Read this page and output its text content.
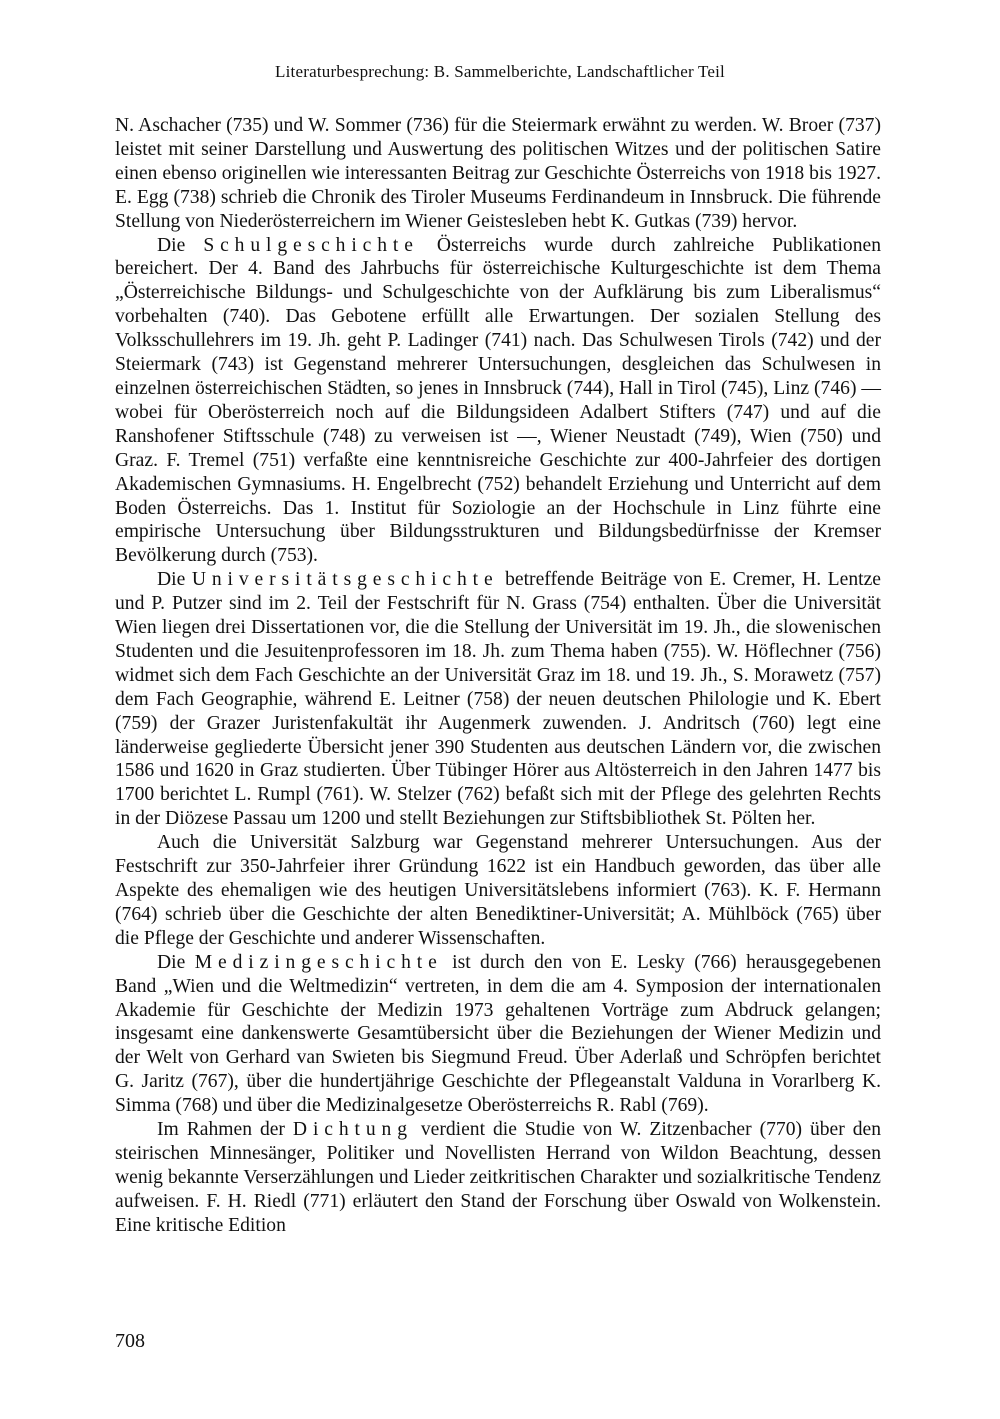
Literaturbesprechung: B. Sammelberichte, Landschaftlicher Teil

N. Aschacher (735) und W. Sommer (736) für die Steiermark erwähnt zu werden. W. Broer (737) leistet mit seiner Darstellung und Auswertung des politischen Witzes und der politischen Satire einen ebenso originellen wie interessanten Beitrag zur Geschichte Österreichs von 1918 bis 1927. E. Egg (738) schrieb die Chronik des Tiroler Museums Ferdinandeum in Innsbruck. Die führende Stellung von Niederösterreichern im Wiener Geistesleben hebt K. Gutkas (739) hervor.

Die Schulgeschichte Österreichs wurde durch zahlreiche Publikationen bereichert. Der 4. Band des Jahrbuchs für österreichische Kulturgeschichte ist dem Thema „Österreichische Bildungs- und Schulgeschichte von der Aufklärung bis zum Liberalismus“ vorbehalten (740). Das Gebotene erfüllt alle Erwartungen. Der sozialen Stellung des Volksschullehrers im 19. Jh. geht P. Ladinger (741) nach. Das Schulwesen Tirols (742) und der Steiermark (743) ist Gegenstand mehrerer Untersuchungen, desgleichen das Schulwesen in einzelnen österreichischen Städten, so jenes in Innsbruck (744), Hall in Tirol (745), Linz (746) — wobei für Oberösterreich noch auf die Bildungsideen Adalbert Stifters (747) und auf die Ranshofener Stiftsschule (748) zu verweisen ist —, Wiener Neustadt (749), Wien (750) und Graz. F. Tremel (751) verfaßte eine kenntnisreiche Geschichte zur 400-Jahrfeier des dortigen Akademischen Gymnasiums. H. Engelbrecht (752) behandelt Erziehung und Unterricht auf dem Boden Österreichs. Das 1. Institut für Soziologie an der Hochschule in Linz führte eine empirische Untersuchung über Bildungsstrukturen und Bildungsbedürfnisse der Kremser Bevölkerung durch (753).

Die Universitätsgeschichte betreffende Beiträge von E. Cremer, H. Lentze und P. Putzer sind im 2. Teil der Festschrift für N. Grass (754) enthalten. Über die Universität Wien liegen drei Dissertationen vor, die die Stellung der Universität im 19. Jh., die slowenischen Studenten und die Jesuitenprofessoren im 18. Jh. zum Thema haben (755). W. Höflechner (756) widmet sich dem Fach Geschichte an der Universität Graz im 18. und 19. Jh., S. Morawetz (757) dem Fach Geographie, während E. Leitner (758) der neuen deutschen Philologie und K. Ebert (759) der Grazer Juristenfakultät ihr Augenmerk zuwenden. J. Andritsch (760) legt eine länderweise gegliederte Übersicht jener 390 Studenten aus deutschen Ländern vor, die zwischen 1586 und 1620 in Graz studierten. Über Tübinger Hörer aus Altösterreich in den Jahren 1477 bis 1700 berichtet L. Rumpl (761). W. Stelzer (762) befaßt sich mit der Pflege des gelehrten Rechts in der Diözese Passau um 1200 und stellt Beziehungen zur Stiftsbibliothek St. Pölten her.

Auch die Universität Salzburg war Gegenstand mehrerer Untersuchungen. Aus der Festschrift zur 350-Jahrfeier ihrer Gründung 1622 ist ein Handbuch geworden, das über alle Aspekte des ehemaligen wie des heutigen Universitätslebens informiert (763). K. F. Hermann (764) schrieb über die Geschichte der alten Benediktiner-Universität; A. Mühlböck (765) über die Pflege der Geschichte und anderer Wissenschaften.

Die Medizingeschichte ist durch den von E. Lesky (766) herausgegebenen Band „Wien und die Weltmedizin“ vertreten, in dem die am 4. Symposion der internationalen Akademie für Geschichte der Medizin 1973 gehaltenen Vorträge zum Abdruck gelangen; insgesamt eine dankenswerte Gesamtübersicht über die Beziehungen der Wiener Medizin und der Welt von Gerhard van Swieten bis Siegmund Freud. Über Aderlaß und Schröpfen berichtet G. Jaritz (767), über die hundertjährige Geschichte der Pflegeanstalt Valduna in Vorarlberg K. Simma (768) und über die Medizinalgesetze Oberösterreichs R. Rabl (769).

Im Rahmen der Dichtung verdient die Studie von W. Zitzenbacher (770) über den steirischen Minnesänger, Politiker und Novellisten Herrand von Wildon Beachtung, dessen wenig bekannte Verserzählungen und Lieder zeitkritischen Charakter und sozialkritische Tendenz aufweisen. F. H. Riedl (771) erläutert den Stand der Forschung über Oswald von Wolkenstein. Eine kritische Edition

708
